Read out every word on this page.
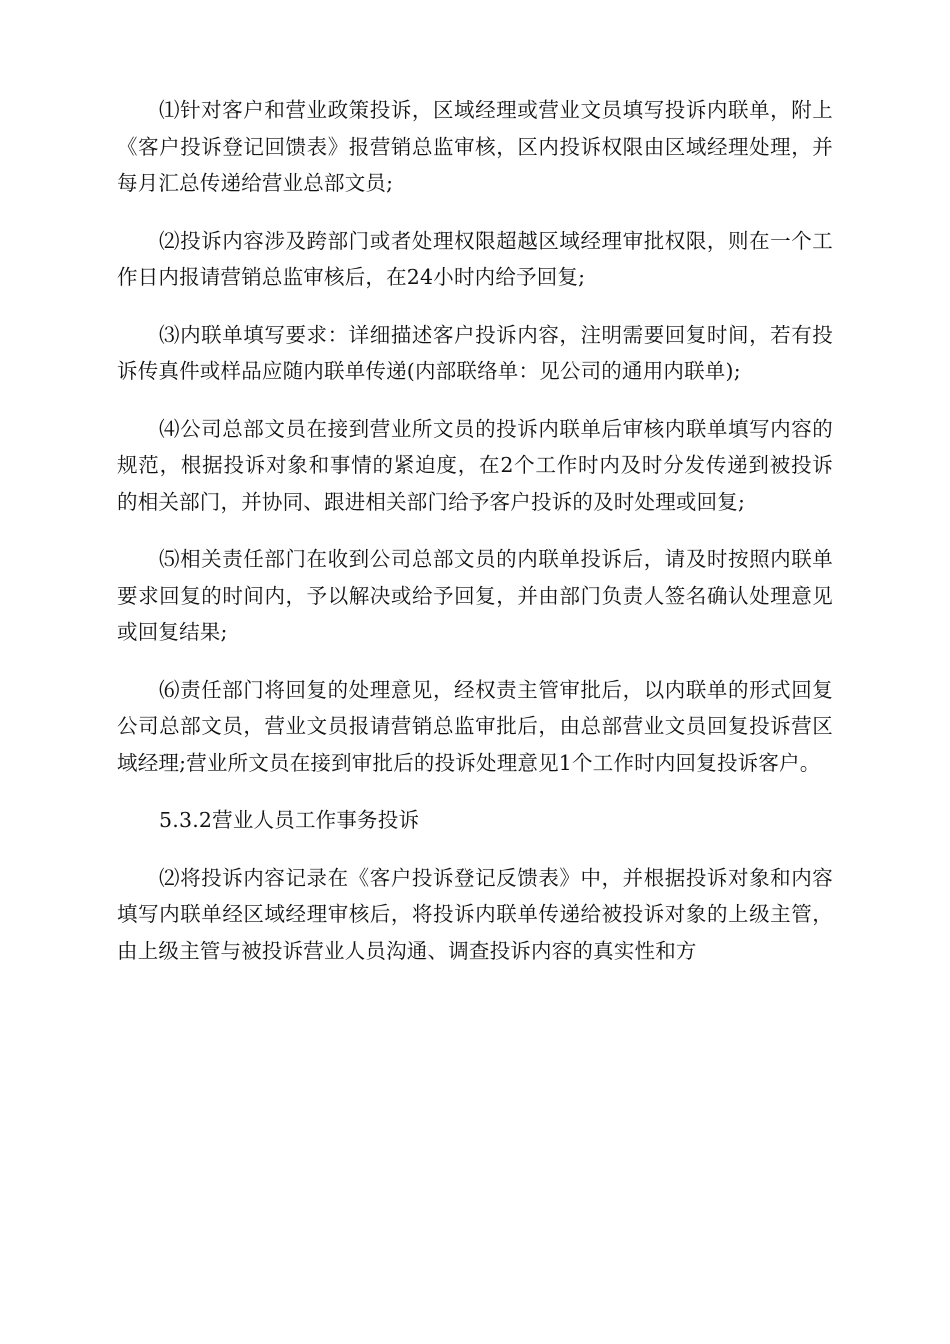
⑴针对客户和营业政策投诉，区域经理或营业文员填写投诉内联单，附上《客户投诉登记回馈表》报营销总监审核，区内投诉权限由区域经理处理，并每月汇总传递给营业总部文员;

⑵投诉内容涉及跨部门或者处理权限超越区域经理审批权限，则在一个工作日内报请营销总监审核后，在24小时内给予回复;

⑶内联单填写要求：详细描述客户投诉内容，注明需要回复时间，若有投诉传真件或样品应随内联单传递(内部联络单：见公司的通用内联单);

⑷公司总部文员在接到营业所文员的投诉内联单后审核内联单填写内容的规范，根据投诉对象和事情的紧迫度，在2个工作时内及时分发传递到被投诉的相关部门，并协同、跟进相关部门给予客户投诉的及时处理或回复;

⑸相关责任部门在收到公司总部文员的内联单投诉后，请及时按照内联单要求回复的时间内，予以解决或给予回复，并由部门负责人签名确认处理意见或回复结果;

⑹责任部门将回复的处理意见，经权责主管审批后，以内联单的形式回复公司总部文员，营业文员报请营销总监审批后，由总部营业文员回复投诉营区域经理;营业所文员在接到审批后的投诉处理意见1个工作时内回复投诉客户。

5.3.2营业人员工作事务投诉

⑵将投诉内容记录在《客户投诉登记反馈表》中，并根据投诉对象和内容填写内联单经区域经理审核后，将投诉内联单传递给被投诉对象的上级主管，由上级主管与被投诉营业人员沟通、调查投诉内容的真实性和方
